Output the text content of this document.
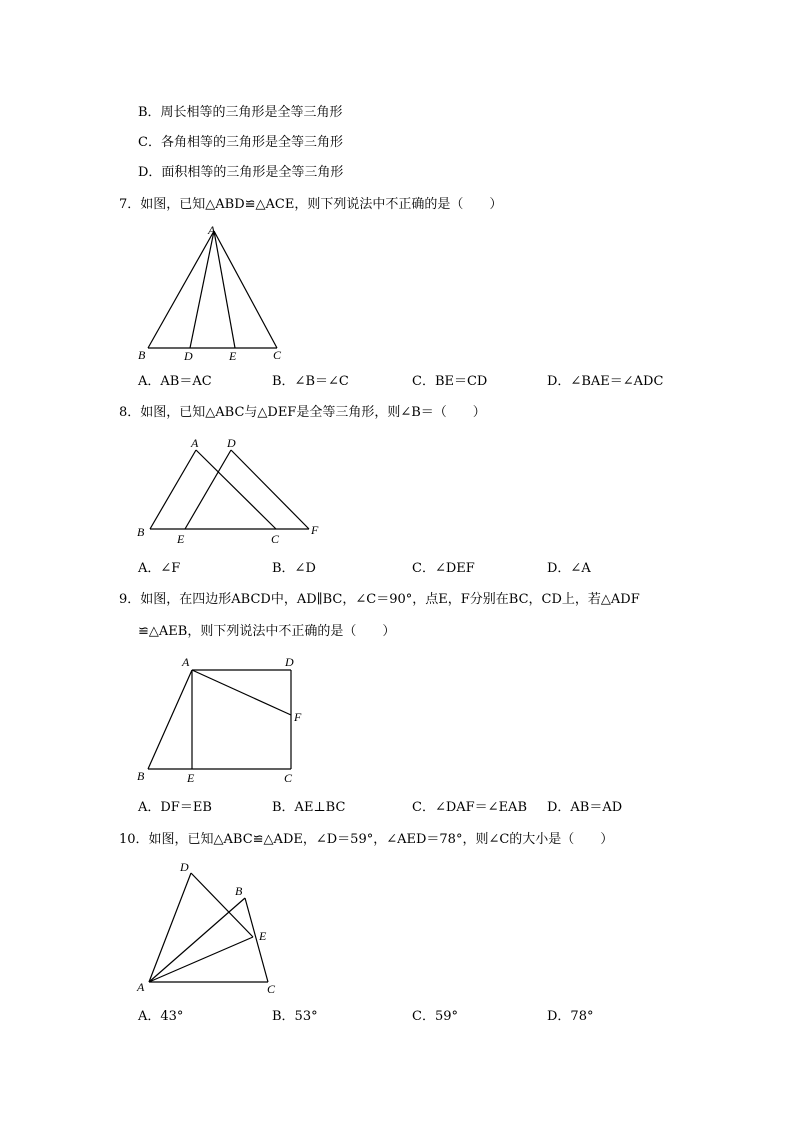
B．周长相等的三角形是全等三角形
C．各角相等的三角形是全等三角形
D．面积相等的三角形是全等三角形
7．如图，已知△ABD≌△ACE，则下列说法中不正确的是（　　）
A
B	D	E	C
A．AB＝AC	B．∠B＝∠C	C．BE＝CD	D．∠BAE＝∠ADC
8．如图，已知△ABC与△DEF是全等三角形，则∠B＝（　　）
A D
B	E	C
F
A．∠F	B．∠D	C．∠DEF	D．∠A
9．如图，在四边形ABCD中，AD∥BC，∠C＝90°，点E，F分别在BC，CD上，若△ADF
≌△AEB，则下列说法中不正确的是（　　）
A	D
F
B	E	C
A．DF＝EB	B．AE⊥BC	C．∠DAF＝∠EAB D．AB＝AD
10．如图，已知△ABC≌△ADE，∠D＝59°，∠AED＝78°，则∠C的大小是（　　）
D
B
E
A	C
A．43°	B．53°	C．59°	D．78°
